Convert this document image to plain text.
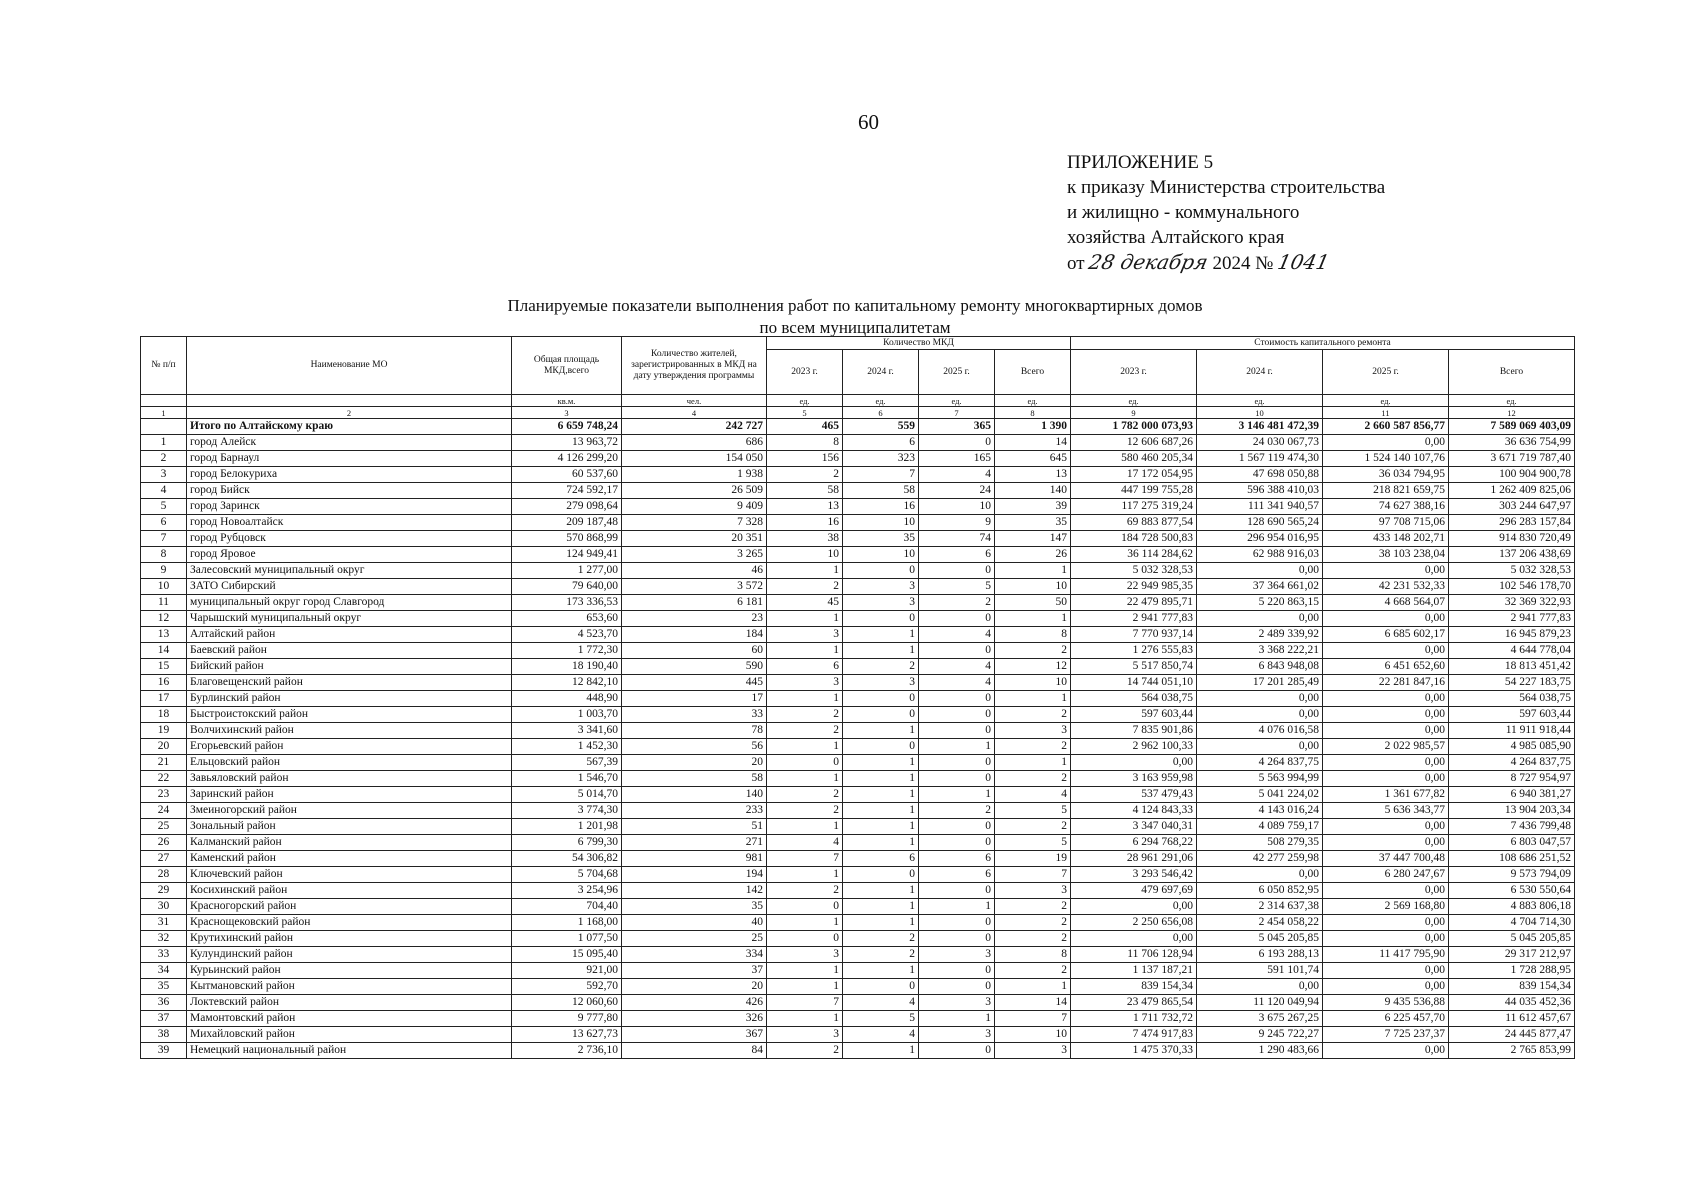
60
ПРИЛОЖЕНИЕ 5
к приказу Министерства строительства
и жилищно - коммунального
хозяйства Алтайского края
от 28 декабря 2024 № 1041
Планируемые показатели выполнения работ по капитальному ремонту многоквартирных домов
по всем муниципалитетам
№ п/п	Наименование МО	Общая площадь МКД,всего	Количество жителей, зарегистрированных в МКД на дату утверждения программы	Количество МКД				Стоимость капитального ремонта			
				2023 г.	2024 г.	2025 г.	Всего	2023 г.	2024 г.	2025 г.	Всего
		кв.м.	чел.	ед.	ед.	ед.	ед.	ед.	ед.	ед.	ед.
1	2	3	4	5	6	7	8	9	10	11	12
	Итого по Алтайскому краю	6 659 748,24	242 727	465	559	365	1 390	1 782 000 073,93	3 146 481 472,39	2 660 587 856,77	7 589 069 403,09
1	город Алейск	13 963,72	686	8	6	0	14	12 606 687,26	24 030 067,73	0,00	36 636 754,99
2	город Барнаул	4 126 299,20	154 050	156	323	165	645	580 460 205,34	1 567 119 474,30	1 524 140 107,76	3 671 719 787,40
3	город Белокуриха	60 537,60	1 938	2	7	4	13	17 172 054,95	47 698 050,88	36 034 794,95	100 904 900,78
4	город Бийск	724 592,17	26 509	58	58	24	140	447 199 755,28	596 388 410,03	218 821 659,75	1 262 409 825,06
5	город Заринск	279 098,64	9 409	13	16	10	39	117 275 319,24	111 341 940,57	74 627 388,16	303 244 647,97
6	город Новоалтайск	209 187,48	7 328	16	10	9	35	69 883 877,54	128 690 565,24	97 708 715,06	296 283 157,84
7	город Рубцовск	570 868,99	20 351	38	35	74	147	184 728 500,83	296 954 016,95	433 148 202,71	914 830 720,49
8	город Яровое	124 949,41	3 265	10	10	6	26	36 114 284,62	62 988 916,03	38 103 238,04	137 206 438,69
9	Залесовский муниципальный округ	1 277,00	46	1	0	0	1	5 032 328,53	0,00	0,00	5 032 328,53
10	ЗАТО Сибирский	79 640,00	3 572	2	3	5	10	22 949 985,35	37 364 661,02	42 231 532,33	102 546 178,70
11	муниципальный округ город Славгород	173 336,53	6 181	45	3	2	50	22 479 895,71	5 220 863,15	4 668 564,07	32 369 322,93
12	Чарышский муниципальный округ	653,60	23	1	0	0	1	2 941 777,83	0,00	0,00	2 941 777,83
13	Алтайский район	4 523,70	184	3	1	4	8	7 770 937,14	2 489 339,92	6 685 602,17	16 945 879,23
14	Баевский район	1 772,30	60	1	1	0	2	1 276 555,83	3 368 222,21	0,00	4 644 778,04
15	Бийский район	18 190,40	590	6	2	4	12	5 517 850,74	6 843 948,08	6 451 652,60	18 813 451,42
16	Благовещенский район	12 842,10	445	3	3	4	10	14 744 051,10	17 201 285,49	22 281 847,16	54 227 183,75
17	Бурлинский район	448,90	17	1	0	0	1	564 038,75	0,00	0,00	564 038,75
18	Быстроистокский район	1 003,70	33	2	0	0	2	597 603,44	0,00	0,00	597 603,44
19	Волчихинский район	3 341,60	78	2	1	0	3	7 835 901,86	4 076 016,58	0,00	11 911 918,44
20	Егорьевский район	1 452,30	56	1	0	1	2	2 962 100,33	0,00	2 022 985,57	4 985 085,90
21	Ельцовский район	567,39	20	0	1	0	1	0,00	4 264 837,75	0,00	4 264 837,75
22	Завьяловский район	1 546,70	58	1	1	0	2	3 163 959,98	5 563 994,99	0,00	8 727 954,97
23	Заринский район	5 014,70	140	2	1	1	4	537 479,43	5 041 224,02	1 361 677,82	6 940 381,27
24	Змеиногорский район	3 774,30	233	2	1	2	5	4 124 843,33	4 143 016,24	5 636 343,77	13 904 203,34
25	Зональный район	1 201,98	51	1	1	0	2	3 347 040,31	4 089 759,17	0,00	7 436 799,48
26	Калманский район	6 799,30	271	4	1	0	5	6 294 768,22	508 279,35	0,00	6 803 047,57
27	Каменский район	54 306,82	981	7	6	6	19	28 961 291,06	42 277 259,98	37 447 700,48	108 686 251,52
28	Ключевский район	5 704,68	194	1	0	6	7	3 293 546,42	0,00	6 280 247,67	9 573 794,09
29	Косихинский район	3 254,96	142	2	1	0	3	479 697,69	6 050 852,95	0,00	6 530 550,64
30	Красногорский район	704,40	35	0	1	1	2	0,00	2 314 637,38	2 569 168,80	4 883 806,18
31	Краснощековский район	1 168,00	40	1	1	0	2	2 250 656,08	2 454 058,22	0,00	4 704 714,30
32	Крутихинский район	1 077,50	25	0	2	0	2	0,00	5 045 205,85	0,00	5 045 205,85
33	Кулундинский район	15 095,40	334	3	2	3	8	11 706 128,94	6 193 288,13	11 417 795,90	29 317 212,97
34	Курьинский район	921,00	37	1	1	0	2	1 137 187,21	591 101,74	0,00	1 728 288,95
35	Кытмановский район	592,70	20	1	0	0	1	839 154,34	0,00	0,00	839 154,34
36	Локтевский район	12 060,60	426	7	4	3	14	23 479 865,54	11 120 049,94	9 435 536,88	44 035 452,36
37	Мамонтовский район	9 777,80	326	1	5	1	7	1 711 732,72	3 675 267,25	6 225 457,70	11 612 457,67
38	Михайловский район	13 627,73	367	3	4	3	10	7 474 917,83	9 245 722,27	7 725 237,37	24 445 877,47
39	Немецкий национальный район	2 736,10	84	2	1	0	3	1 475 370,33	1 290 483,66	0,00	2 765 853,99
